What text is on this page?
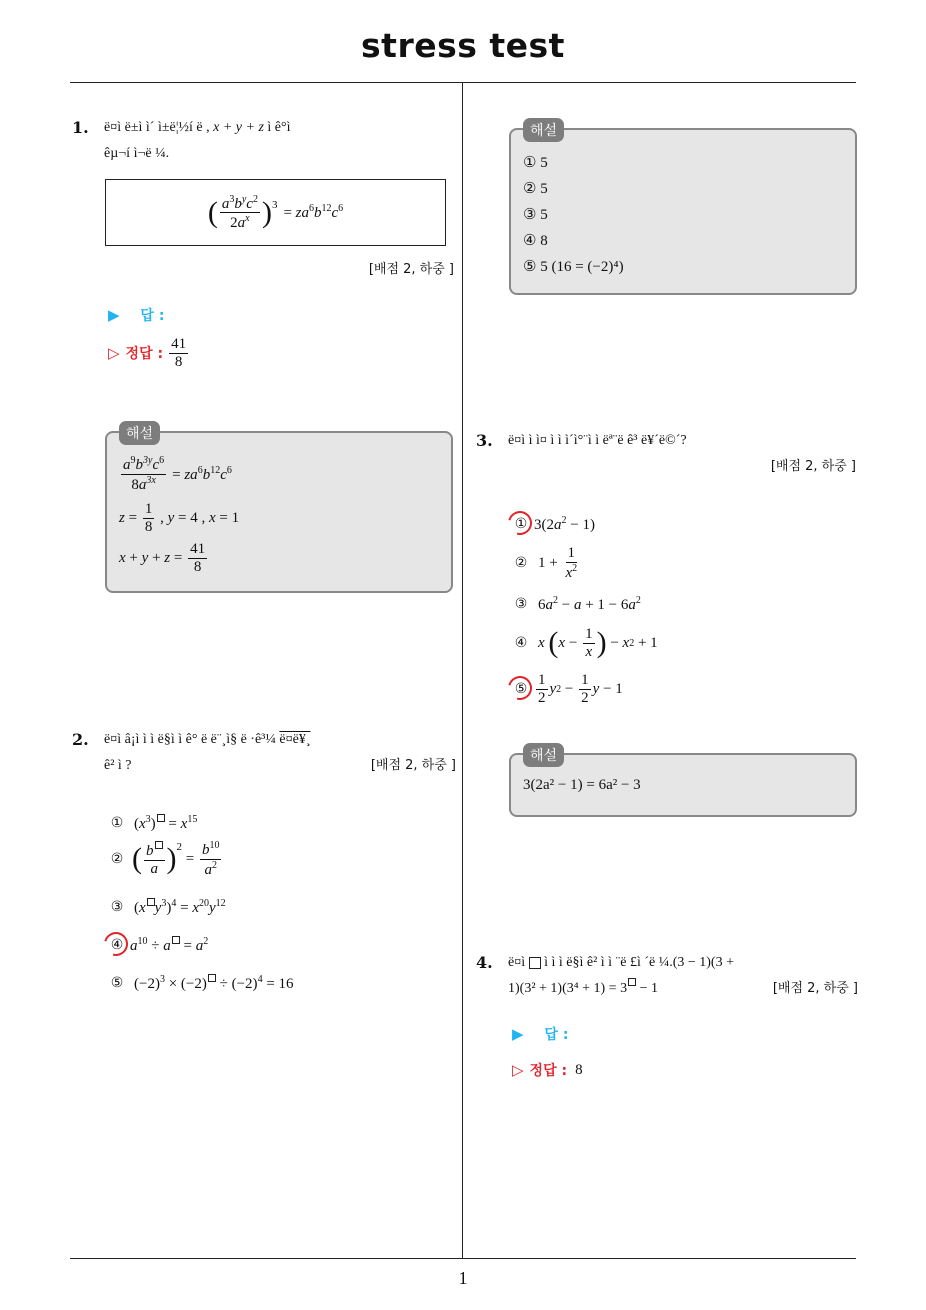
stress test
1.	ë¤ì ë±ì ì´ ì±ë¦½í ë , x + y + z ì ê°ì
êµ¬í ì¬ë ¼.
( $\frac{a^3b^yc^2}{2a^x}$ ) 3
= $za^6b^{12}c^6$
[배점 2, 하중 ]
▶ 답 :
▷ 정답 : $\frac{41}{8}$
해설
$\frac{a^9b^{3y}c^6}{8a^{3x}} = za^6b^{12}c^6$
$z = \frac{1}{8}$ , y = 4 , x = 1
$x + y + z = \frac{41}{8}$
2.	ë¤ì â¡ì ì ì ë§ì ì ê° ë ë¨¸ì§ ë ·ê³¼ ë¤ë¥¸
ê² ì ?	[배점 2, 하중 ]
① $(x^3) = x^{15}$
② ( $\frac{b}{a}$ ) 2
= $\frac{b^{10}}{a^2}$
③ (x $y^3)^4 = x^{20}y^{12}$
④ $a^{10} \div a = a^2$
⑤ $(-2)^3 \times (-2) \div (-2)^4 = 16$
해설
① 5
② 5
③ 5
④ 8
⑤ 5 (16 = (−2)⁴)
3.	ë¤ì ì ì¤ ì ì ì´ì°¨ì ì ëª¨ë ê³ ë¥´ë©´?
[배점 2, 하중 ]
① $3(2a^2 - 1)$
② $1 + \frac{1}{x^2}$
③ $6a^2 - a + 1 - 6a^2$
④ x
( $x - \frac{1}{x}$ ) − x 2 + 1
⑤ $\frac{1}{2}$ y $2 - \frac{1}{2}$ y − 1
해설
3(2a² − 1) = 6a² − 3
4.	ë¤ì ì ì ì ë§ì ê² ì ì ¨ë £ì ´ë ¼.(3 − 1)(3 +
1)(3² + 1)(3⁴ + 1) = 3 − 1	[배점 2, 하중 ]
▶ 답 :
▷ 정답 : 8
1
